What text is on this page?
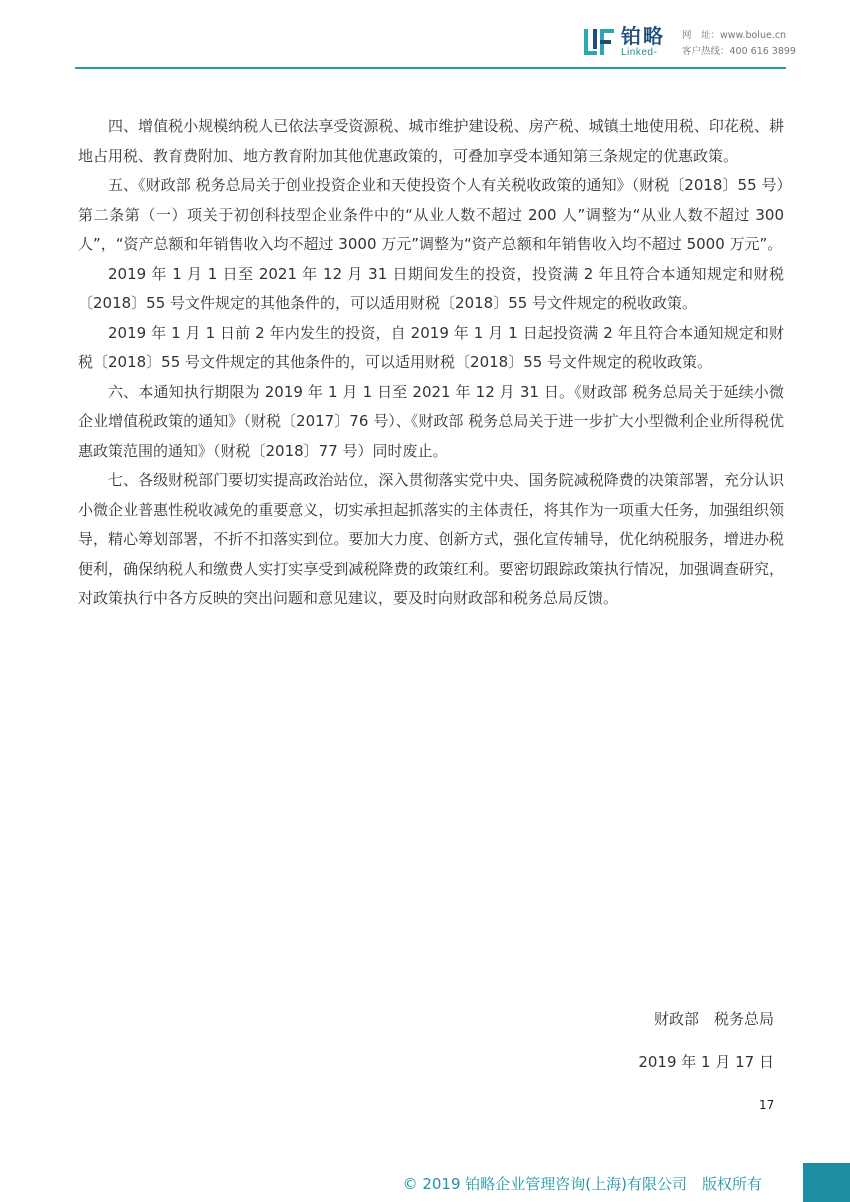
铂略
Linked-
网　址：www.bolue.cn
客户热线：400 616 3899

四、增值税小规模纳税人已依法享受资源税、城市维护建设税、房产税、城镇土地使用税、印花税、耕地占用税、教育费附加、地方教育附加其他优惠政策的，可叠加享受本通知第三条规定的优惠政策。

五、《财政部 税务总局关于创业投资企业和天使投资个人有关税收政策的通知》（财税〔2018〕55 号）第二条第（一）项关于初创科技型企业条件中的“从业人数不超过 200 人”调整为“从业人数不超过 300 人”，“资产总额和年销售收入均不超过 3000 万元”调整为“资产总额和年销售收入均不超过 5000 万元”。

2019 年 1 月 1 日至 2021 年 12 月 31 日期间发生的投资，投资满 2 年且符合本通知规定和财税〔2018〕55 号文件规定的其他条件的，可以适用财税〔2018〕55 号文件规定的税收政策。

2019 年 1 月 1 日前 2 年内发生的投资，自 2019 年 1 月 1 日起投资满 2 年且符合本通知规定和财税〔2018〕55 号文件规定的其他条件的，可以适用财税〔2018〕55 号文件规定的税收政策。

六、本通知执行期限为 2019 年 1 月 1 日至 2021 年 12 月 31 日。《财政部 税务总局关于延续小微企业增值税政策的通知》（财税〔2017〕76 号）、《财政部 税务总局关于进一步扩大小型微利企业所得税优惠政策范围的通知》（财税〔2018〕77 号）同时废止。

七、各级财税部门要切实提高政治站位，深入贯彻落实党中央、国务院减税降费的决策部署，充分认识小微企业普惠性税收减免的重要意义，切实承担起抓落实的主体责任，将其作为一项重大任务，加强组织领导，精心筹划部署，不折不扣落实到位。要加大力度、创新方式，强化宣传辅导，优化纳税服务，增进办税便利，确保纳税人和缴费人实打实享受到减税降费的政策红利。要密切跟踪政策执行情况，加强调查研究，对政策执行中各方反映的突出问题和意见建议，要及时向财政部和税务总局反馈。

财政部　税务总局
2019 年 1 月 17 日
17
© 2019 铂略企业管理咨询(上海)有限公司　版权所有
